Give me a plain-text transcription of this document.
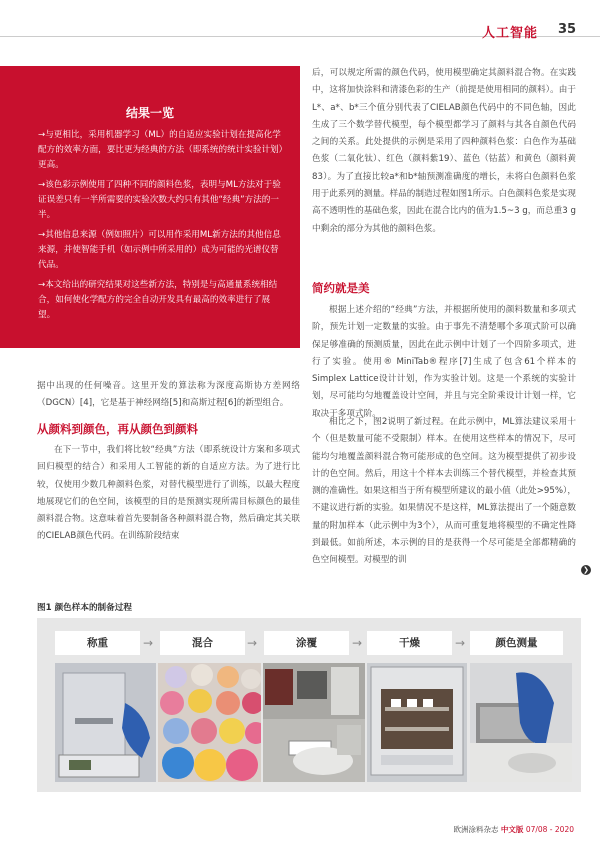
人工智能 35
结果一览
→与更相比，采用机器学习（ML）的自适应实验计划在提高化学配方的效率方面，要比更为经典的方法（即系统的统计实验计划）更高。
→该色彩示例使用了四种不同的颜料色浆，表明与ML方法对于验证误差只有一半所需要的实验次数大约只有其他“经典”方法的一半。
→其他信息来源（例如照片）可以用作采用ML新方法的其他信息来源，并使智能手机（如示例中所采用的）成为可能的光谱仪替代品。
→本文给出的研究结果对这些新方法，特别是与高通量系统相结合，如何使化学配方的完全自动开发具有最高的效率进行了展望。
据中出现的任何噪音。这里开发的算法称为深度高斯协方差网络（DGCN）[4]，它是基于神经网络[5]和高斯过程[6]的新型组合。
从颜料到颜色，再从颜色到颜料
在下一节中，我们将比较“经典”方法（即系统设计方案和多项式回归模型的结合）和采用人工智能的新的自适应方法。为了进行比较，仅使用少数几种颜料色浆，对替代模型进行了训练，以最大程度地展现它们的色空间，该模型的目的是预测实现所需目标颜色的最佳颜料混合物。这意味着首先要制备各种颜料混合物，然后确定其关联的CIELAB颜色代码。在训练阶段结束
后，可以规定所需的颜色代码，使用模型确定其颜料混合物。在实践中，这将加快涂料和清漆色彩的生产（前提是使用相同的颜料）。由于L*、a*、b*三个值分别代表了CIELAB颜色代码中的不同色轴，因此生成了三个数学替代模型，每个模型都学习了颜料与其各自颜色代码之间的关系。此处提供的示例是采用了四种颜料色浆：白色作为基础色浆（二氧化钛）、红色（颜料紫19）、蓝色（钴蓝）和黄色（颜料黄83）。为了直接比较a*和b*轴预测准确度的增长，未将白色颜料色浆用于此系列的测量。样品的制造过程如图1所示。白色颜料色浆是实现高不透明性的基础色浆，因此在混合比内的值为1.5~3 g，而总重3 g中剩余的部分为其他的颜料色浆。
简约就是美
根据上述介绍的“经典”方法，并根据所使用的颜料数量和多项式阶，预先计划一定数量的实验。由于事先不清楚哪个多项式阶可以确保足够准确的预测质量，因此在此示例中计划了一个四阶多项式，进行了实验。使用® MiniTab®程序[7]生成了包含61个样本的Simplex Lattice设计计划，作为实验计划。这是一个系统的实验计划，尽可能均匀地覆盖设计空间，并且与完全阶乘设计计划一样，它取决于多项式阶。
相比之下，图2说明了新过程。在此示例中，ML算法建议采用十个（但是数量可能不受限制）样本。在使用这些样本的情况下，尽可能均匀地覆盖颜料混合物可能形成的色空间。这为模型提供了初步设计的色空间。然后，用这十个样本去训练三个替代模型，并检查其预测的准确性。如果这相当于所有模型所建议的最小值（此处>95%），不建议进行新的实验。如果情况不是这样，ML算法提出了一个随意数量的附加样本（此示例中为3个），从而可重复地将模型的不确定性降到最低。如前所述，本示例的目的是获得一个尽可能是全部都精确的色空间模型。对模型的训
❯
图1 颜色样本的制备过程
称重	→	混合	→	涂覆	→	干燥	→	颜色测量
欧洲涂料杂志 中文版 07/08 - 2020
